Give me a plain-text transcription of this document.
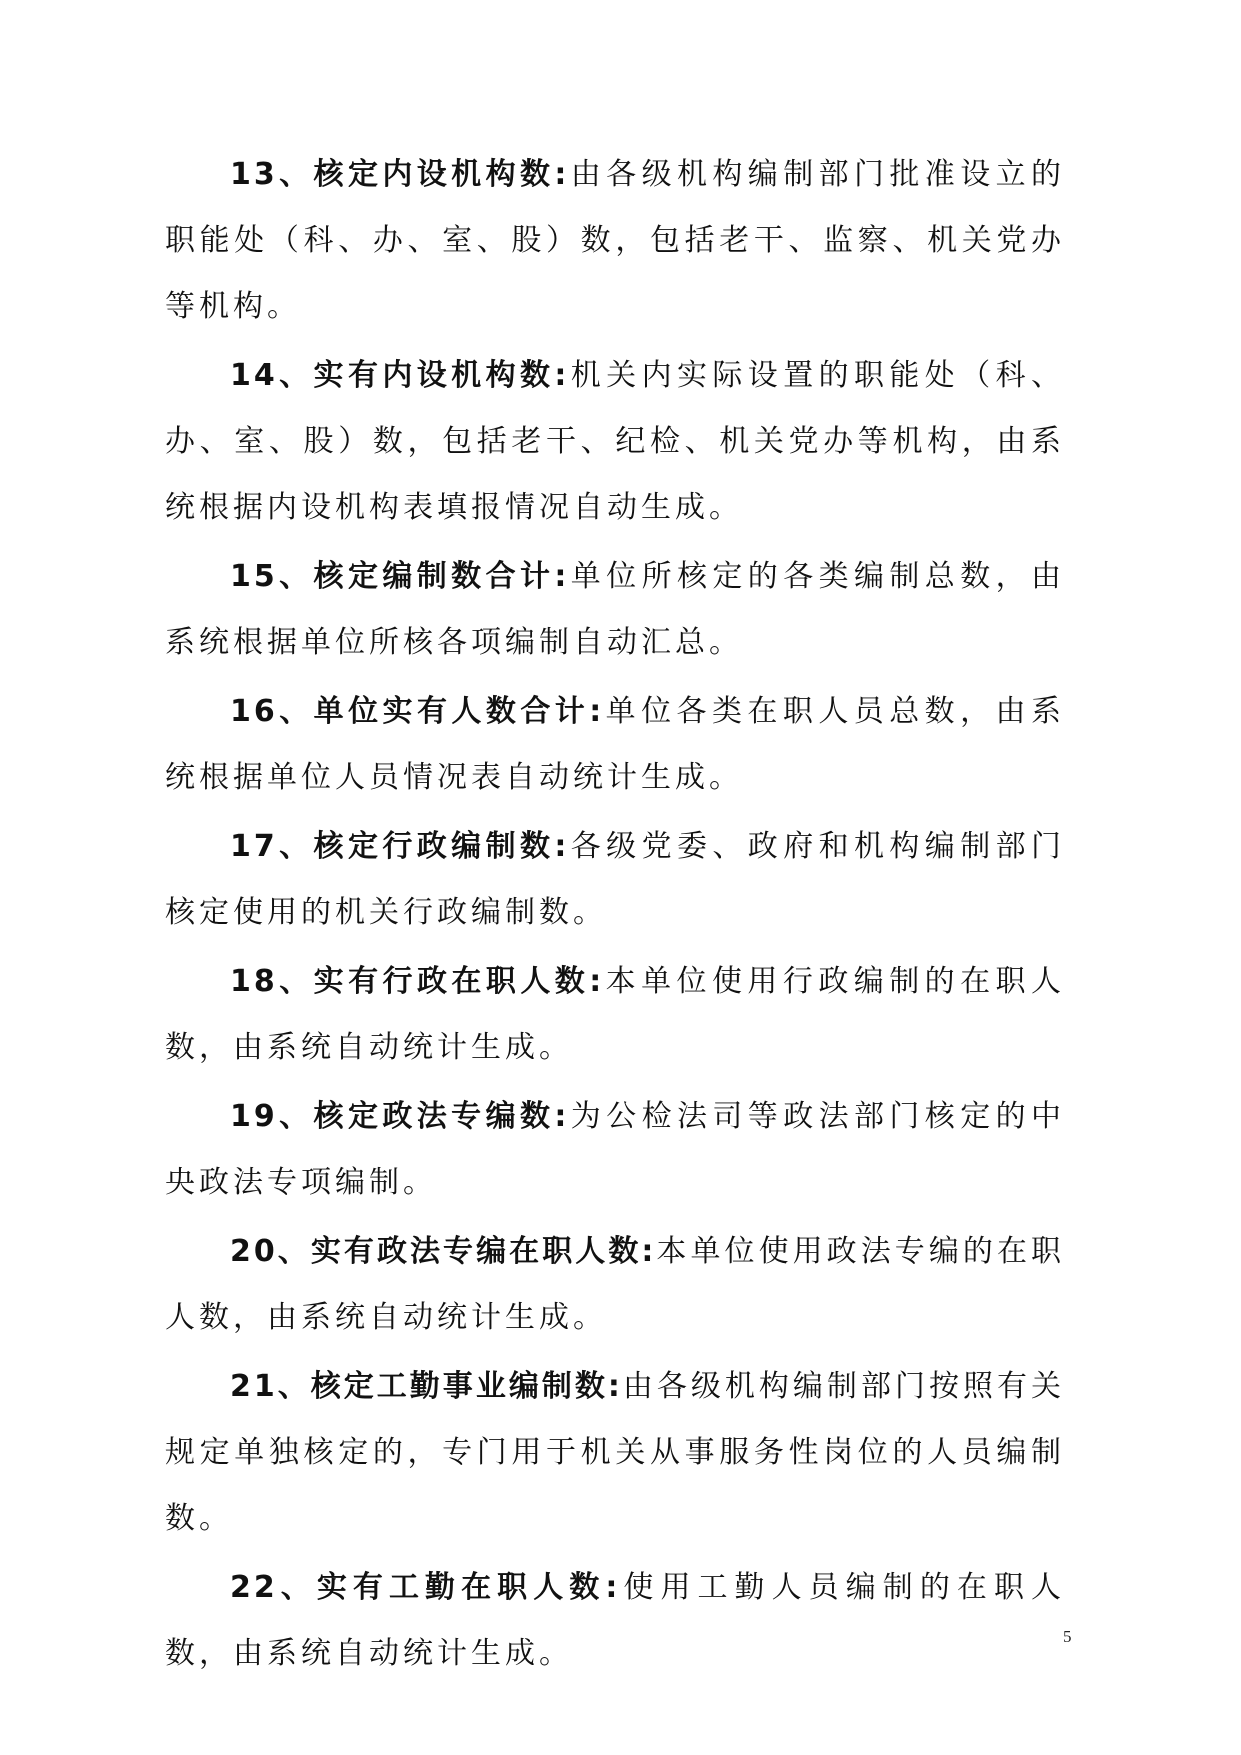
13、核定内设机构数:由各级机构编制部门批准设立的职能处（科、办、室、股）数，包括老干、监察、机关党办等机构。

14、实有内设机构数:机关内实际设置的职能处（科、办、室、股）数，包括老干、纪检、机关党办等机构，由系统根据内设机构表填报情况自动生成。

15、核定编制数合计:单位所核定的各类编制总数，由系统根据单位所核各项编制自动汇总。

16、单位实有人数合计:单位各类在职人员总数，由系统根据单位人员情况表自动统计生成。

17、核定行政编制数:各级党委、政府和机构编制部门核定使用的机关行政编制数。

18、实有行政在职人数:本单位使用行政编制的在职人数，由系统自动统计生成。

19、核定政法专编数:为公检法司等政法部门核定的中央政法专项编制。

20、实有政法专编在职人数:本单位使用政法专编的在职人数，由系统自动统计生成。

21、核定工勤事业编制数:由各级机构编制部门按照有关规定单独核定的，专门用于机关从事服务性岗位的人员编制数。

22、实有工勤在职人数:使用工勤人员编制的在职人数，由系统自动统计生成。	5
